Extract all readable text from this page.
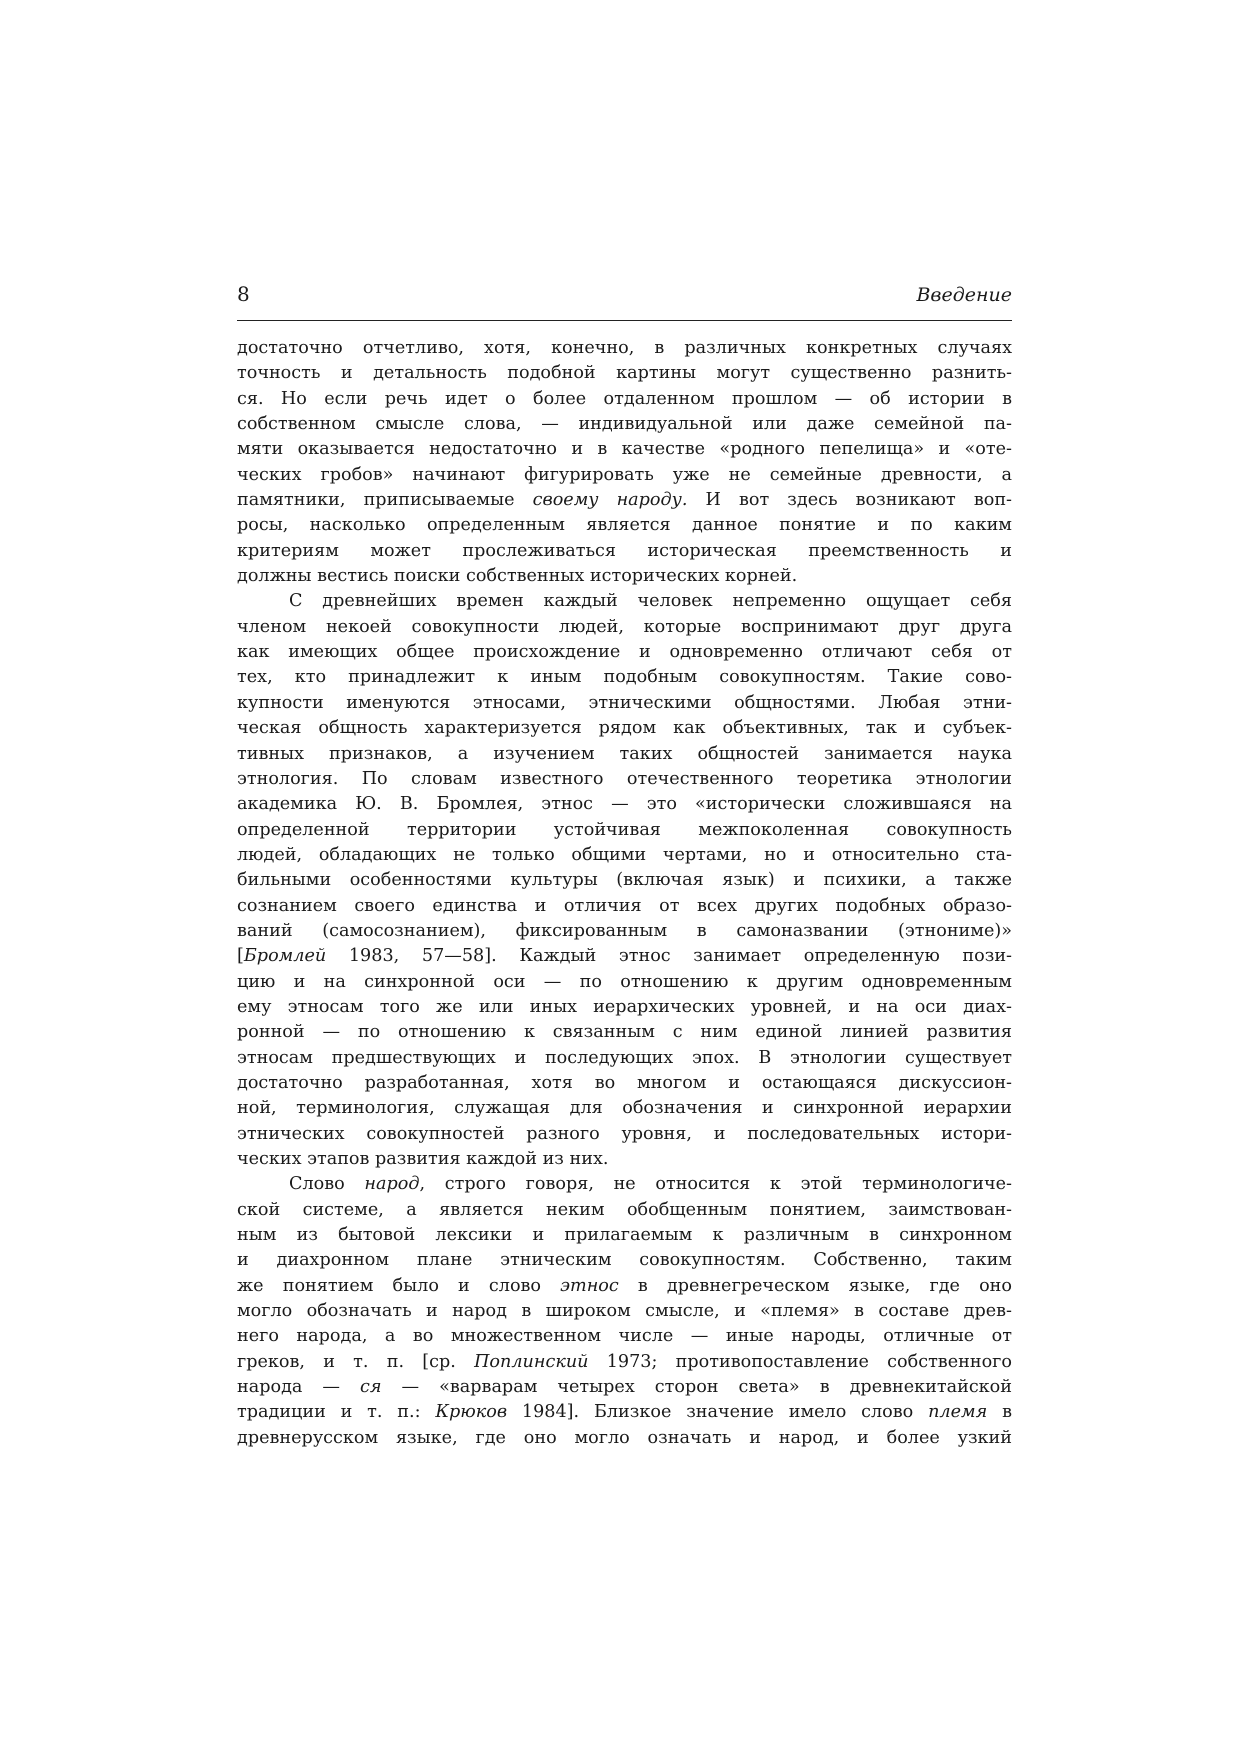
8	Введение
достаточно отчетливо, хотя, конечно, в различных конкретных случаях
точность и детальность подобной картины могут существенно разнить-
ся. Но если речь идет о более отдаленном прошлом — об истории в
собственном смысле слова, — индивидуальной или даже семейной па-
мяти оказывается недостаточно и в качестве «родного пепелища» и «оте-
ческих гробов» начинают фигурировать уже не семейные древности, а
памятники, приписываемые своему народу. И вот здесь возникают воп-
росы, насколько определенным является данное понятие и по каким
критериям может прослеживаться историческая преемственность и
должны вестись поиски собственных исторических корней.
С древнейших времен каждый человек непременно ощущает себя
членом некоей совокупности людей, которые воспринимают друг друга
как имеющих общее происхождение и одновременно отличают себя от
тех, кто принадлежит к иным подобным совокупностям. Такие сово-
купности именуются этносами, этническими общностями. Любая этни-
ческая общность характеризуется рядом как объективных, так и субъек-
тивных признаков, а изучением таких общностей занимается наука
этнология. По словам известного отечественного теоретика этнологии
академика Ю. В. Бромлея, этнос — это «исторически сложившаяся на
определенной территории устойчивая межпоколенная совокупность
людей, обладающих не только общими чертами, но и относительно ста-
бильными особенностями культуры (включая язык) и психики, а также
сознанием своего единства и отличия от всех других подобных образо-
ваний (самосознанием), фиксированным в самоназвании (этнониме)»
[Бромлей 1983, 57—58]. Каждый этнос занимает определенную пози-
цию и на синхронной оси — по отношению к другим одновременным
ему этносам того же или иных иерархических уровней, и на оси диах-
ронной — по отношению к связанным с ним единой линией развития
этносам предшествующих и последующих эпох. В этнологии существует
достаточно разработанная, хотя во многом и остающаяся дискуссион-
ной, терминология, служащая для обозначения и синхронной иерархии
этнических совокупностей разного уровня, и последовательных истори-
ческих этапов развития каждой из них.
Слово народ, строго говоря, не относится к этой терминологиче-
ской системе, а является неким обобщенным понятием, заимствован-
ным из бытовой лексики и прилагаемым к различным в синхронном
и диахронном плане этническим совокупностям. Собственно, таким
же понятием было и слово этнос в древнегреческом языке, где оно
могло обозначать и народ в широком смысле, и «племя» в составе древ-
него народа, а во множественном числе — иные народы, отличные от
греков, и т. п. [ср. Поплинский 1973; противопоставление собственного
народа — ся — «варварам четырех сторон света» в древнекитайской
традиции и т. п.: Крюков 1984]. Близкое значение имело слово племя в
древнерусском языке, где оно могло означать и народ, и более узкий
